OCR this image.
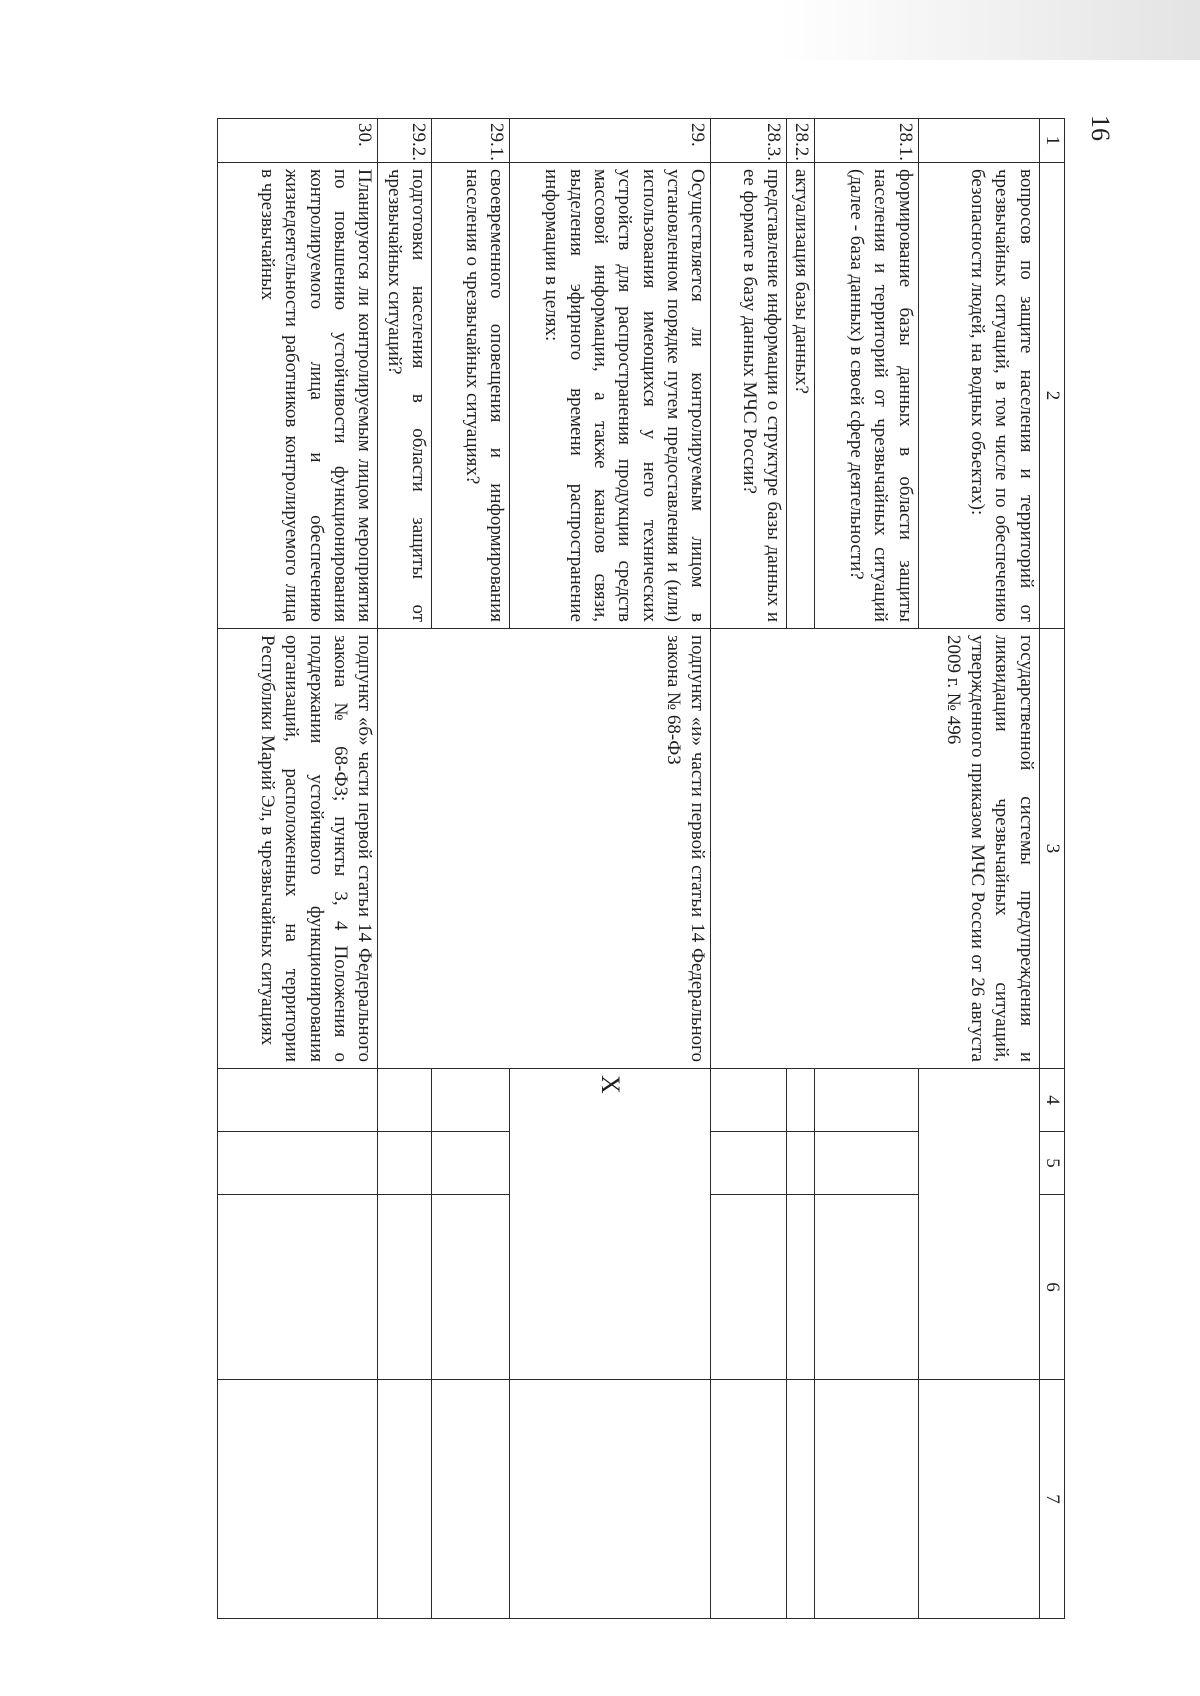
16
1	2	3	4	5	6	7
	вопросов по защите населения и территорий от чрезвычайных ситуаций, в том числе по обеспечению безопасности людей, на водных объектах):	государственной системы предупреждения и ликвидации чрезвычайных ситуаций, утвержденного приказом МЧС России от 26 августа 2009 г. № 496				
28.1.	формирование базы данных в области защиты населения и территорий от чрезвычайных ситуаций (далее - база данных) в своей сфере деятельности?					
28.2.	актуализация базы данных?					
28.3.	представление информации о структуре базы данных и ее формате в базу данных МЧС России?					
29.	Осуществляется ли контролируемым лицом в установленном порядке путем предоставления и (или) использования имеющихся у него технических устройств для распространения продукции средств массовой информации, а также каналов связи, выделения эфирного времени распространение информации в целях:	подпункт «и» части первой статьи 14 Федерального закона № 68-ФЗ	X			
29.1.	своевременного оповещения и информирования населения о чрезвычайных ситуациях?					
29.2.	подготовки населения в области защиты от чрезвычайных ситуаций?					
30.	Планируются ли контролируемым лицом мероприятия по повышению устойчивости функционирования контролируемого лица и обеспечению жизнедеятельности работников контролируемого лица в чрезвычайных	подпункт «б» части первой статьи 14 Федерального закона № 68-ФЗ; пункты 3, 4 Положения о поддержании устойчивого функционирования организаций, расположенных на территории Республики Марий Эл, в чрезвычайных ситуациях				
